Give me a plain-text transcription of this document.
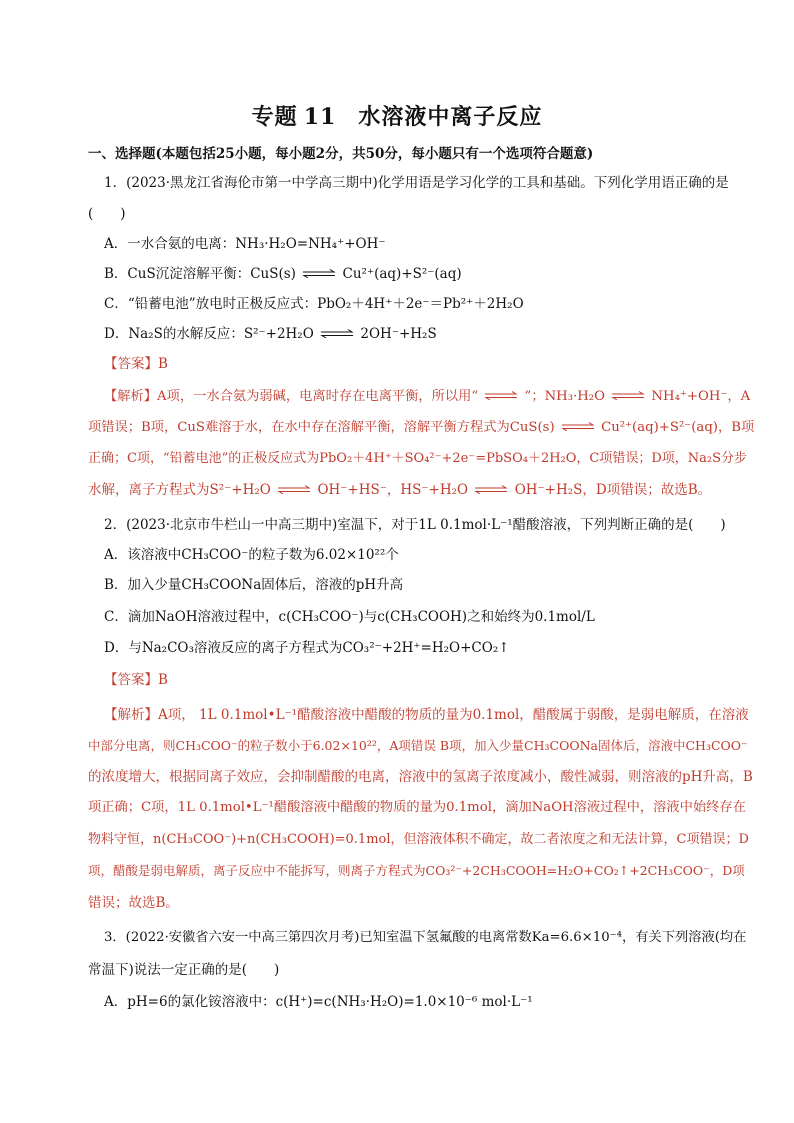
专题 11 水溶液中离子反应
一、选择题(本题包括25小题，每小题2分，共50分，每小题只有一个选项符合题意)
1．(2023·黑龙江省海伦市第一中学高三期中)化学用语是学习化学的工具和基础。下列化学用语正确的是
(　　)
A．一水合氨的电离：NH₃·H₂O=NH₄⁺+OH⁻
B．CuS沉淀溶解平衡：CuS(s) ⇌ Cu²⁺(aq)+S²⁻(aq)
C．“铅蓄电池”放电时正极反应式：PbO₂＋4H⁺＋2e⁻＝Pb²⁺＋2H₂O
D．Na₂S的水解反应：S²⁻+2H₂O ⇌ 2OH⁻+H₂S
【答案】B
【解析】A项，一水合氨为弱碱，电离时存在电离平衡，所以用“ ⇌ ”；NH₃·H₂O ⇌ NH₄⁺+OH⁻，A
项错误；B项，CuS难溶于水，在水中存在溶解平衡，溶解平衡方程式为CuS(s) ⇌ Cu²⁺(aq)+S²⁻(aq)，B项
正确；C项，“铅蓄电池”的正极反应式为PbO₂＋4H⁺＋SO₄²⁻+2e⁻=PbSO₄＋2H₂O，C项错误；D项，Na₂S分步
水解，离子方程式为S²⁻+H₂O ⇌ OH⁻+HS⁻，HS⁻+H₂O ⇌ OH⁻+H₂S，D项错误；故选B。
2．(2023·北京市牛栏山一中高三期中)室温下，对于1L 0.1mol·L⁻¹醋酸溶液，下列判断正确的是(　　)
A．该溶液中CH₃COO⁻的粒子数为6.02×10²²个
B．加入少量CH₃COONa固体后，溶液的pH升高
C．滴加NaOH溶液过程中，c(CH₃COO⁻)与c(CH₃COOH)之和始终为0.1mol/L
D．与Na₂CO₃溶液反应的离子方程式为CO₃²⁻+2H⁺=H₂O+CO₂↑
【答案】B
【解析】A项， 1L 0.1mol•L⁻¹醋酸溶液中醋酸的物质的量为0.1mol，醋酸属于弱酸，是弱电解质，在溶液
中部分电离，则CH₃COO⁻的粒子数小于6.02×10²²，A项错误 B项，加入少量CH₃COONa固体后，溶液中CH₃COO⁻
的浓度增大，根据同离子效应，会抑制醋酸的电离，溶液中的氢离子浓度减小，酸性减弱，则溶液的pH升高，B
项正确；C项，1L 0.1mol•L⁻¹醋酸溶液中醋酸的物质的量为0.1mol，滴加NaOH溶液过程中，溶液中始终存在
物料守恒，n(CH₃COO⁻)+n(CH₃COOH)=0.1mol，但溶液体积不确定，故二者浓度之和无法计算，C项错误；D
项，醋酸是弱电解质，离子反应中不能拆写，则离子方程式为CO₃²⁻+2CH₃COOH=H₂O+CO₂↑+2CH₃COO⁻，D项
错误；故选B。
3．(2022·安徽省六安一中高三第四次月考)已知室温下氢氟酸的电离常数Ka=6.6×10⁻⁴，有关下列溶液(均在
常温下)说法一定正确的是(　　)
A．pH=6的氯化铵溶液中：c(H⁺)=c(NH₃·H₂O)=1.0×10⁻⁶ mol·L⁻¹
